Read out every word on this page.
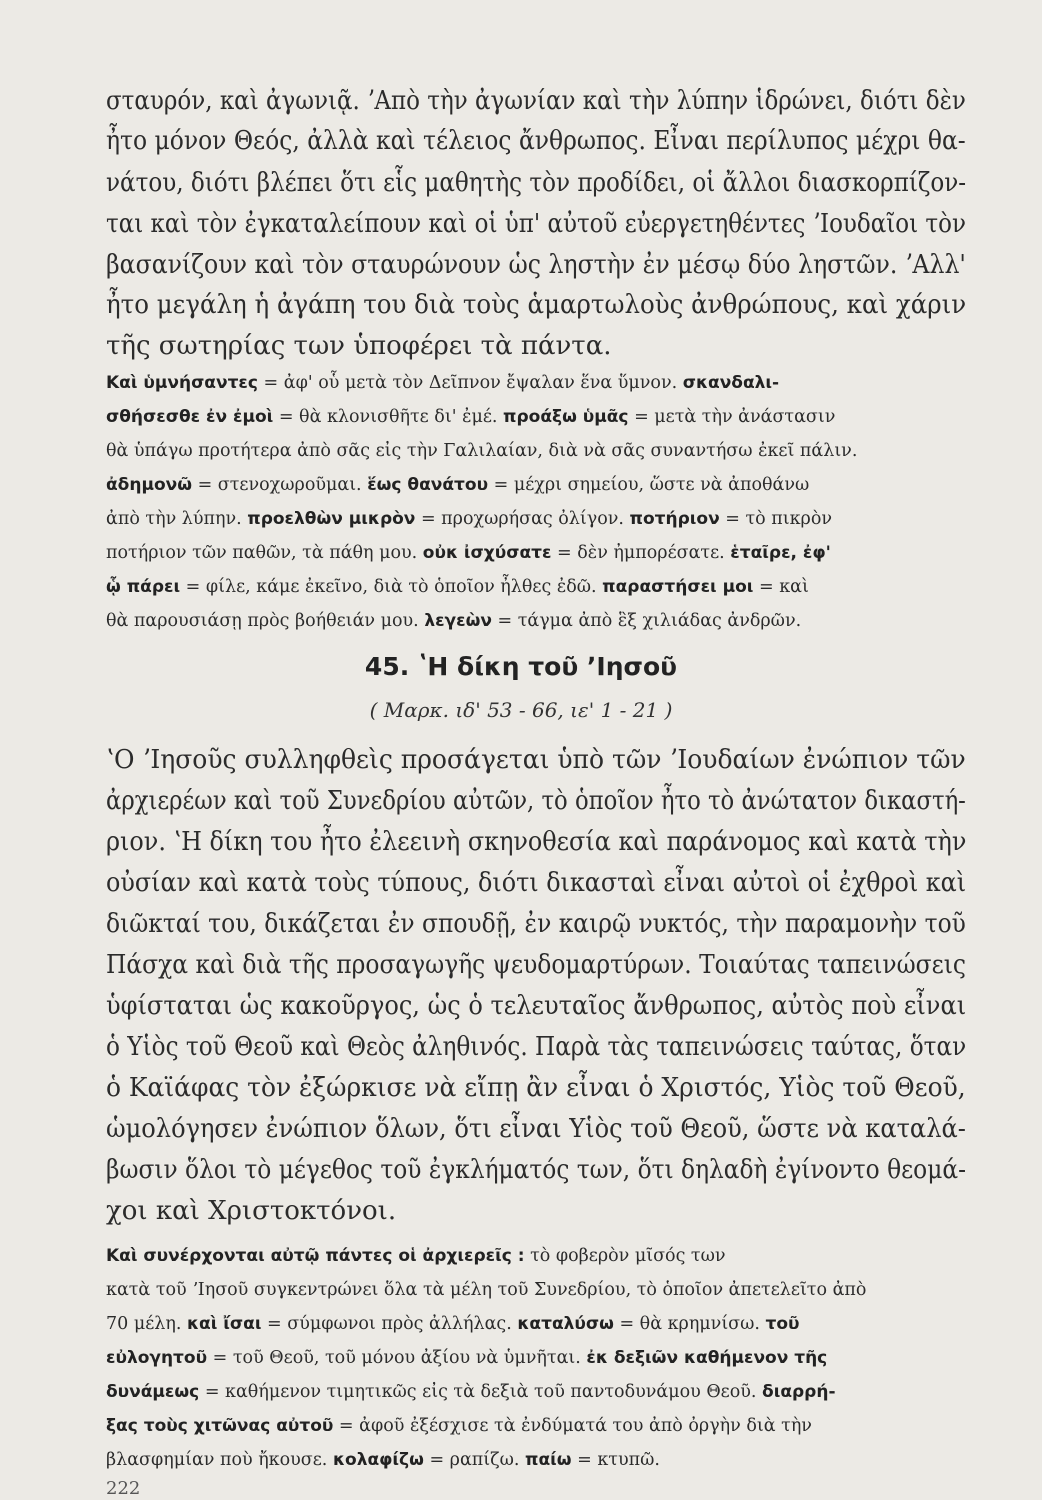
σταυρόν, καὶ ἀγωνιᾷ. ʼΑπὸ τὴν ἀγωνίαν καὶ τὴν λύπην ἱδρώνει, διότι δὲν
ἦτο μόνον Θεός, ἀλλὰ καὶ τέλειος ἄνθρωπος. Εἶναι περίλυπος μέχρι θα-
νάτου, διότι βλέπει ὅτι εἷς μαθητὴς τὸν προδίδει, οἱ ἄλλοι διασκορπίζον-
ται καὶ τὸν ἐγκαταλείπουν καὶ οἱ ὑπ' αὐτοῦ εὐεργετηθέντες ʼΙουδαῖοι τὸν
βασανίζουν καὶ τὸν σταυρώνουν ὡς ληστὴν ἐν μέσῳ δύο ληστῶν. ʼΑλλ'
ἦτο μεγάλη ἡ ἀγάπη του διὰ τοὺς ἁμαρτωλοὺς ἀνθρώπους, καὶ χάριν
τῆς σωτηρίας των ὑποφέρει τὰ πάντα.
Καὶ ὑμνήσαντες = ἀφ' οὗ μετὰ τὸν Δεῖπνον ἔψαλαν ἕνα ὕμνον. σκανδαλι-
σθήσεσθε ἐν ἐμοὶ = θὰ κλονισθῆτε δι' ἐμέ. προάξω ὑμᾶς = μετὰ τὴν ἀνάστασιν
θὰ ὑπάγω προτήτερα ἀπὸ σᾶς εἰς τὴν Γαλιλαίαν, διὰ νὰ σᾶς συναντήσω ἐκεῖ πάλιν.
ἀδημονῶ = στενοχωροῦμαι. ἕως θανάτου = μέχρι σημείου, ὥστε νὰ ἀποθάνω
ἀπὸ τὴν λύπην. προελθὼν μικρὸν = προχωρήσας ὀλίγον. ποτήριον = τὸ πικρὸν
ποτήριον τῶν παθῶν, τὰ πάθη μου. οὐκ ἰσχύσατε = δὲν ἠμπορέσατε. ἑταῖρε, ἐφ'
ᾧ πάρει = φίλε, κάμε ἐκεῖνο, διὰ τὸ ὁποῖον ἦλθες ἐδῶ. παραστήσει μοι = καὶ
θὰ παρουσιάσῃ πρὸς βοήθειάν μου. λεγεὼν = τάγμα ἀπὸ ἓξ χιλιάδας ἀνδρῶν.
45. ʽΗ δίκη τοῦ ʼΙησοῦ
( Μαρκ. ιδ' 53 - 66, ιε' 1 - 21 )
ʽΟ ʼΙησοῦς συλληφθεὶς προσάγεται ὑπὸ τῶν ʼΙουδαίων ἐνώπιον τῶν
ἀρχιερέων καὶ τοῦ Συνεδρίου αὐτῶν, τὸ ὁποῖον ἦτο τὸ ἀνώτατον δικαστή-
ριον. ʽΗ δίκη του ἦτο ἐλεεινὴ σκηνοθεσία καὶ παράνομος καὶ κατὰ τὴν
οὐσίαν καὶ κατὰ τοὺς τύπους, διότι δικασταὶ εἶναι αὐτοὶ οἱ ἐχθροὶ καὶ
διῶκταί του, δικάζεται ἐν σπουδῇ, ἐν καιρῷ νυκτός, τὴν παραμονὴν τοῦ
Πάσχα καὶ διὰ τῆς προσαγωγῆς ψευδομαρτύρων. Τοιαύτας ταπεινώσεις
ὑφίσταται ὡς κακοῦργος, ὡς ὁ τελευταῖος ἄνθρωπος, αὐτὸς ποὺ εἶναι
ὁ Υἱὸς τοῦ Θεοῦ καὶ Θεὸς ἀληθινός. Παρὰ τὰς ταπεινώσεις ταύτας, ὅταν
ὁ Καϊάφας τὸν ἐξώρκισε νὰ εἴπῃ ἂν εἶναι ὁ Χριστός, Υἱὸς τοῦ Θεοῦ,
ὡμολόγησεν ἐνώπιον ὅλων, ὅτι εἶναι Υἱὸς τοῦ Θεοῦ, ὥστε νὰ καταλά-
βωσιν ὅλοι τὸ μέγεθος τοῦ ἐγκλήματός των, ὅτι δηλαδὴ ἐγίνοντο θεομά-
χοι καὶ Χριστοκτόνοι.
Καὶ συνέρχονται αὐτῷ πάντες οἱ ἀρχιερεῖς : τὸ φοβερὸν μῖσός των
κατὰ τοῦ ʼΙησοῦ συγκεντρώνει ὅλα τὰ μέλη τοῦ Συνεδρίου, τὸ ὁποῖον ἀπετελεῖτο ἀπὸ
70 μέλη. καὶ ἴσαι = σύμφωνοι πρὸς ἀλλήλας. καταλύσω = θὰ κρημνίσω. τοῦ
εὐλογητοῦ = τοῦ Θεοῦ, τοῦ μόνου ἀξίου νὰ ὑμνῆται. ἐκ δεξιῶν καθήμενον τῆς
δυνάμεως = καθήμενον τιμητικῶς εἰς τὰ δεξιὰ τοῦ παντοδυνάμου Θεοῦ. διαρρή-
ξας τοὺς χιτῶνας αὐτοῦ = ἀφοῦ ἐξέσχισε τὰ ἐνδύματά του ἀπὸ ὀργὴν διὰ τὴν
βλασφημίαν ποὺ ἤκουσε. κολαφίζω = ραπίζω. παίω = κτυπῶ.
222
